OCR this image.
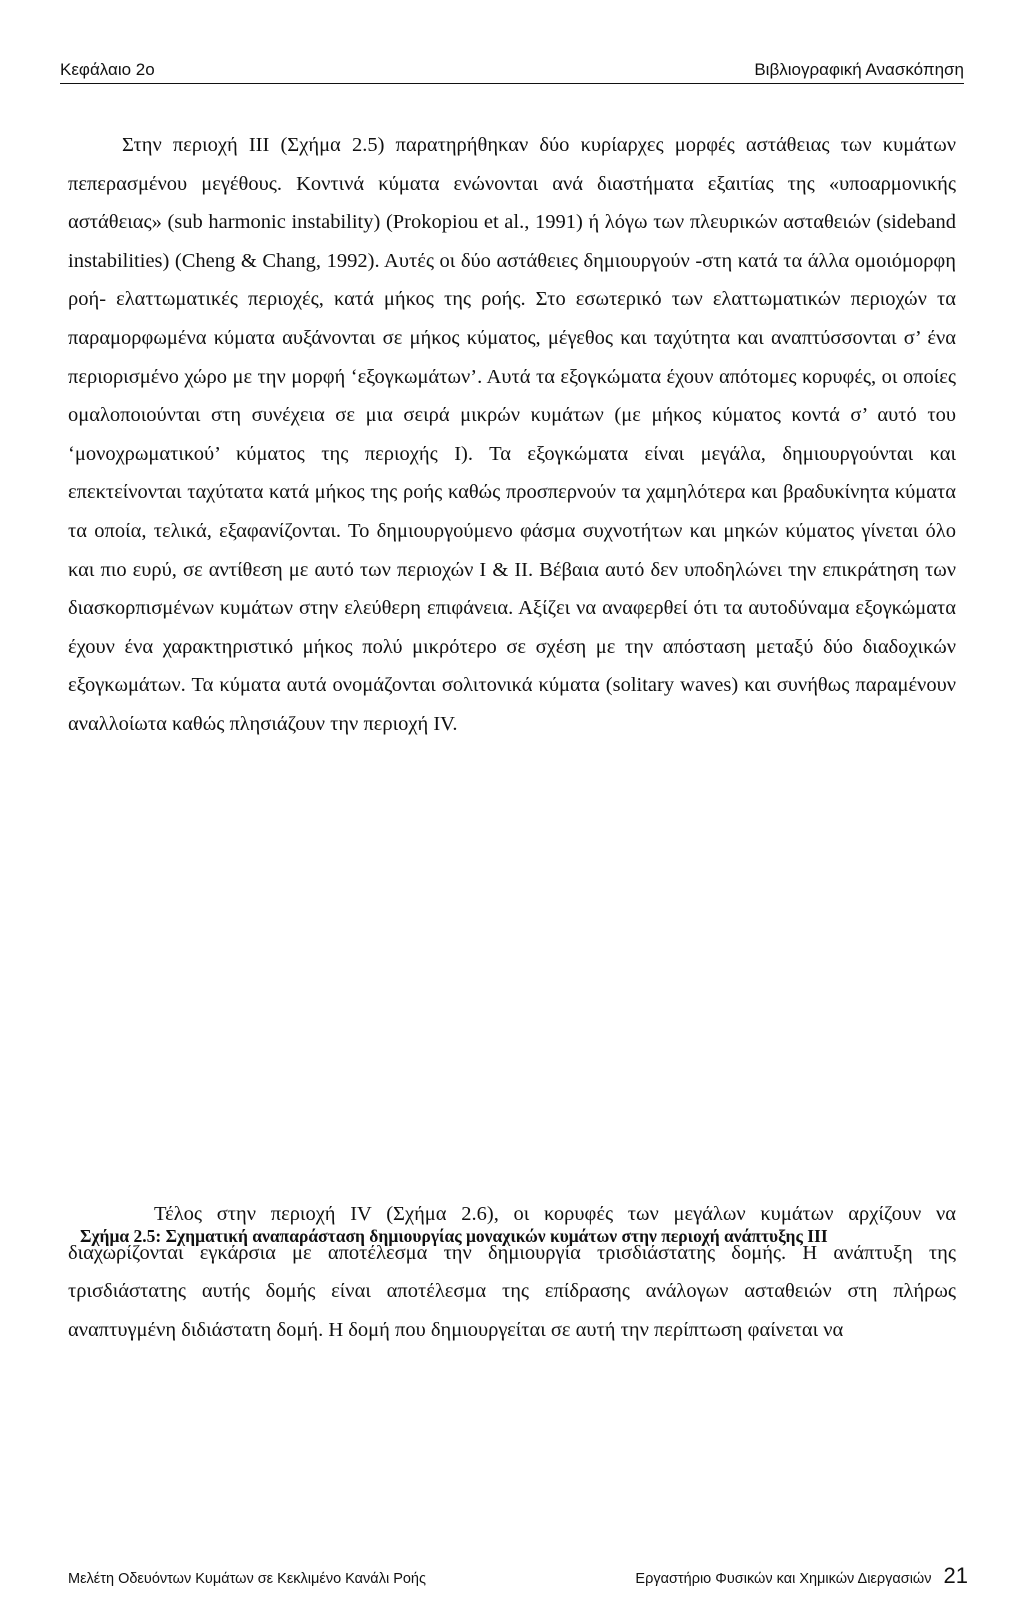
Κεφάλαιο 2ο	Βιβλιογραφική Ανασκόπηση

Στην περιοχή ΙΙΙ (Σχήμα 2.5) παρατηρήθηκαν δύο κυρίαρχες μορφές αστάθειας των κυμάτων πεπερασμένου μεγέθους. Κοντινά κύματα ενώνονται ανά διαστήματα εξαιτίας της «υποαρμονικής αστάθειας» (sub harmonic instability) (Prokopiou et al., 1991) ή λόγω των πλευρικών ασταθειών (sideband instabilities) (Cheng & Chang, 1992). Αυτές οι δύο αστάθειες δημιουργούν -στη κατά τα άλλα ομοιόμορφη ροή- ελαττωματικές περιοχές, κατά μήκος της ροής. Στο εσωτερικό των ελαττωματικών περιοχών τα παραμορφωμένα κύματα αυξάνονται σε μήκος κύματος, μέγεθος και ταχύτητα και αναπτύσσονται σ’ ένα περιορισμένο χώρο με την μορφή ‘εξογκωμάτων’. Αυτά τα εξογκώματα έχουν απότομες κορυφές, οι οποίες ομαλοποιούνται στη συνέχεια σε μια σειρά μικρών κυμάτων (με μήκος κύματος κοντά σ’ αυτό του ‘μονοχρωματικού’ κύματος της περιοχής Ι). Τα εξογκώματα είναι μεγάλα, δημιουργούνται και επεκτείνονται ταχύτατα κατά μήκος της ροής καθώς προσπερνούν τα χαμηλότερα και βραδυκίνητα κύματα τα οποία, τελικά, εξαφανίζονται. Το δημιουργούμενο φάσμα συχνοτήτων και μηκών κύματος γίνεται όλο και πιο ευρύ, σε αντίθεση με αυτό των περιοχών Ι & ΙΙ. Βέβαια αυτό δεν υποδηλώνει την επικράτηση των διασκορπισμένων κυμάτων στην ελεύθερη επιφάνεια. Αξίζει να αναφερθεί ότι τα αυτοδύναμα εξογκώματα έχουν ένα χαρακτηριστικό μήκος πολύ μικρότερο σε σχέση με την απόσταση μεταξύ δύο διαδοχικών εξογκωμάτων. Τα κύματα αυτά ονομάζονται σολιτονικά κύματα (solitary waves) και συνήθως παραμένουν αναλλοίωτα καθώς πλησιάζουν την περιοχή IV.

Σχήμα 2.5: Σχηματική αναπαράσταση δημιουργίας μοναχικών κυμάτων στην περιοχή ανάπτυξης ΙΙΙ

Τέλος στην περιοχή IV (Σχήμα 2.6), οι κορυφές των μεγάλων κυμάτων αρχίζουν να διαχωρίζονται εγκάρσια με αποτέλεσμα την δημιουργία τρισδιάστατης δομής. Η ανάπτυξη της τρισδιάστατης αυτής δομής είναι αποτέλεσμα της επίδρασης ανάλογων ασταθειών στη πλήρως αναπτυγμένη διδιάστατη δομή. Η δομή που δημιουργείται σε αυτή την περίπτωση φαίνεται να

Μελέτη Οδευόντων Κυμάτων σε Κεκλιμένο Κανάλι Ροής	Εργαστήριο Φυσικών και Χημικών Διεργασιών 21
